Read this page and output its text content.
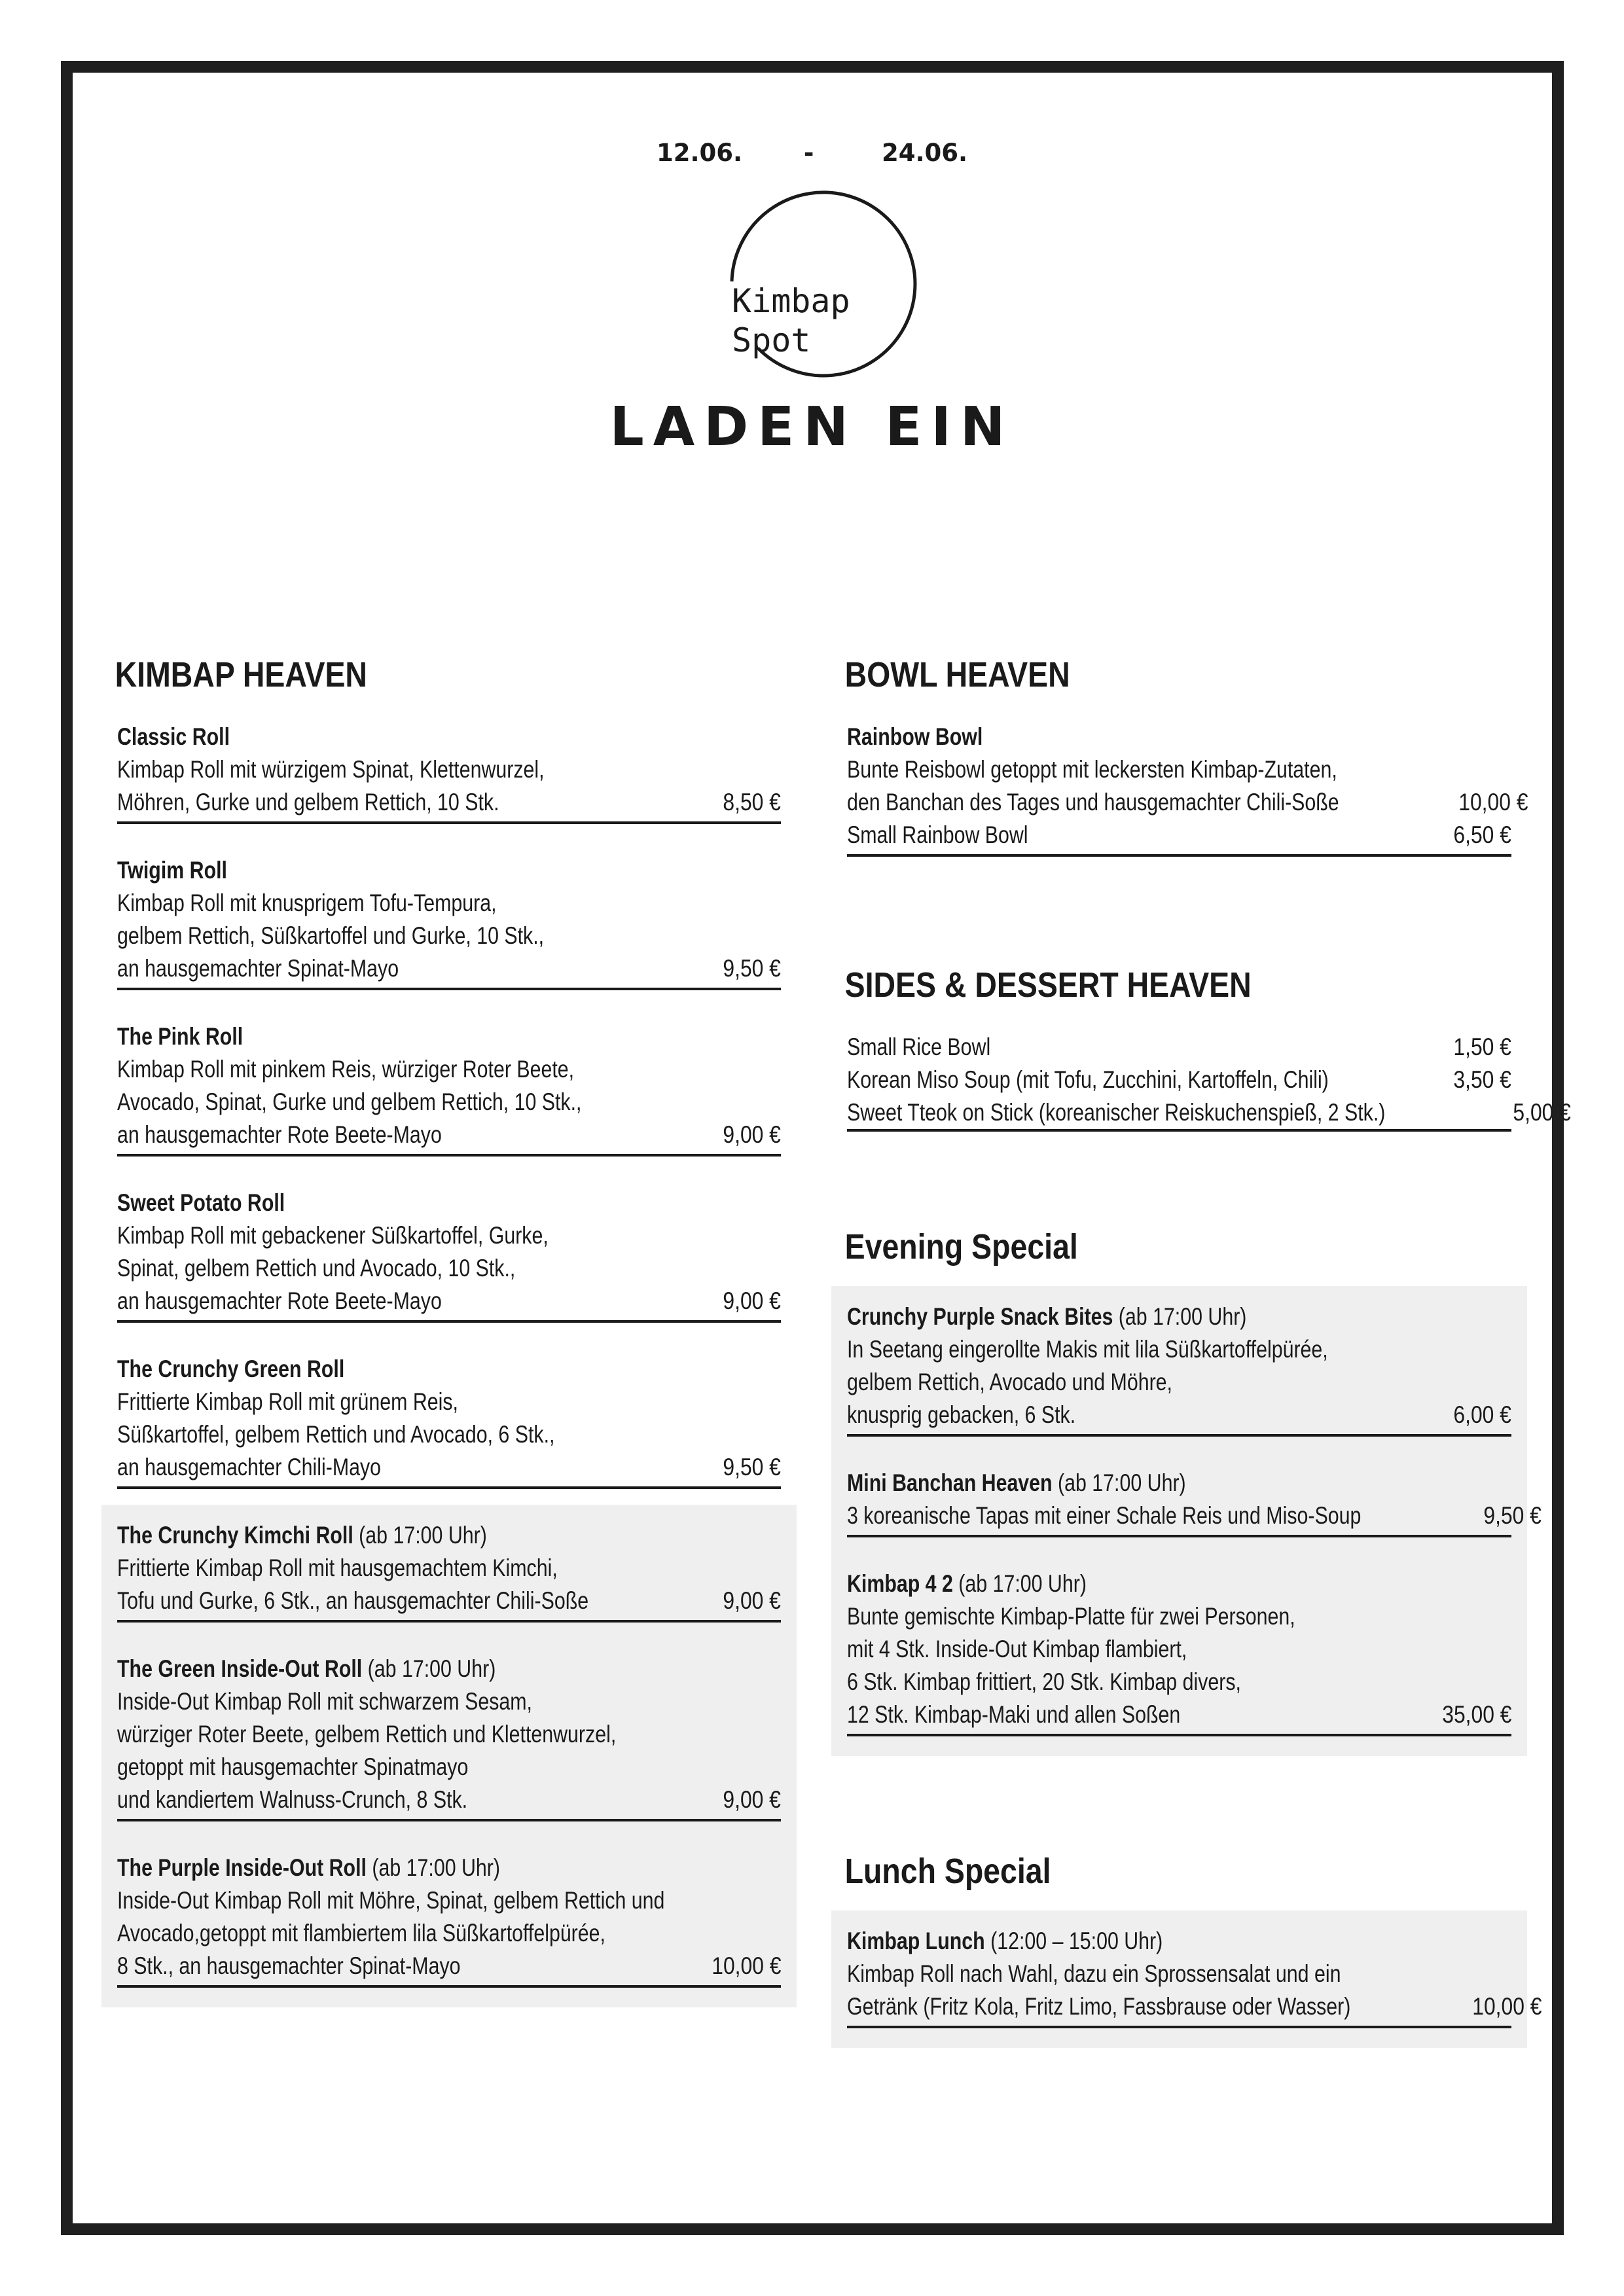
12.06.	-	24.06.
Kimbap
Spot
LADEN EIN
KIMBAP HEAVEN
Classic Roll
Kimbap Roll mit würzigem Spinat, Klettenwurzel,
Möhren, Gurke und gelbem Rettich, 10 Stk.	8,50 €
Twigim Roll
Kimbap Roll mit knusprigem Tofu-Tempura,
gelbem Rettich, Süßkartoffel und Gurke, 10 Stk.,
an hausgemachter Spinat-Mayo	9,50 €
The Pink Roll
Kimbap Roll mit pinkem Reis, würziger Roter Beete,
Avocado, Spinat, Gurke und gelbem Rettich, 10 Stk.,
an hausgemachter Rote Beete-Mayo	9,00 €
Sweet Potato Roll
Kimbap Roll mit gebackener Süßkartoffel, Gurke,
Spinat, gelbem Rettich und Avocado, 10 Stk.,
an hausgemachter Rote Beete-Mayo	9,00 €
The Crunchy Green Roll
Frittierte Kimbap Roll mit grünem Reis,
Süßkartoffel, gelbem Rettich und Avocado, 6 Stk.,
an hausgemachter Chili-Mayo	9,50 €
The Crunchy Kimchi Roll (ab 17:00 Uhr)
Frittierte Kimbap Roll mit hausgemachtem Kimchi,
Tofu und Gurke, 6 Stk., an hausgemachter Chili-Soße	9,00 €
The Green Inside-Out Roll (ab 17:00 Uhr)
Inside-Out Kimbap Roll mit schwarzem Sesam,
würziger Roter Beete, gelbem Rettich und Klettenwurzel,
getoppt mit hausgemachter Spinatmayo
und kandiertem Walnuss-Crunch, 8 Stk.	9,00 €
The Purple Inside-Out Roll (ab 17:00 Uhr)
Inside-Out Kimbap Roll mit Möhre, Spinat, gelbem Rettich und
Avocado,getoppt mit flambiertem lila Süßkartoffelpürée,
8 Stk., an hausgemachter Spinat-Mayo	10,00 €
BOWL HEAVEN
Rainbow Bowl
Bunte Reisbowl getoppt mit leckersten Kimbap-Zutaten,
den Banchan des Tages und hausgemachter Chili-Soße	10,00 €
Small Rainbow Bowl	6,50 €
SIDES & DESSERT HEAVEN
Small Rice Bowl	1,50 €
Korean Miso Soup (mit Tofu, Zucchini, Kartoffeln, Chili)	3,50 €
Sweet Tteok on Stick (koreanischer Reiskuchenspieß, 2 Stk.)	5,00 €
Evening Special
Crunchy Purple Snack Bites (ab 17:00 Uhr)
In Seetang eingerollte Makis mit lila Süßkartoffelpürée,
gelbem Rettich, Avocado und Möhre,
knusprig gebacken, 6 Stk.	6,00 €
Mini Banchan Heaven (ab 17:00 Uhr)
3 koreanische Tapas mit einer Schale Reis und Miso-Soup	9,50 €
Kimbap 4 2 (ab 17:00 Uhr)
Bunte gemischte Kimbap-Platte für zwei Personen,
mit 4 Stk. Inside-Out Kimbap flambiert,
6 Stk. Kimbap frittiert, 20 Stk. Kimbap divers,
12 Stk. Kimbap-Maki und allen Soßen	35,00 €
Lunch Special
Kimbap Lunch (12:00 – 15:00 Uhr)
Kimbap Roll nach Wahl, dazu ein Sprossensalat und ein
Getränk (Fritz Kola, Fritz Limo, Fassbrause oder Wasser)	10,00 €
